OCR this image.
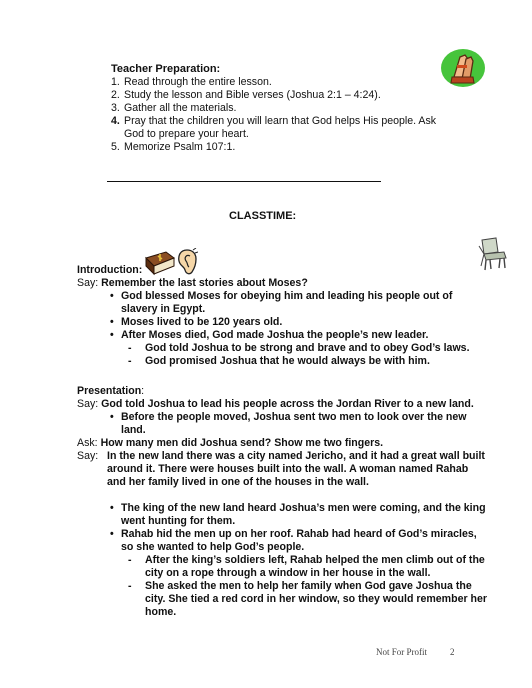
Teacher Preparation:
1. Read through the entire lesson.
2. Study the lesson and Bible verses (Joshua 2:1 – 4:24).
3. Gather all the materials.
4. Pray that the children you will learn that God helps His people. Ask God to prepare your heart.
5. Memorize Psalm 107:1.
CLASSTIME:
Introduction:
Say: Remember the last stories about Moses?
• God blessed Moses for obeying him and leading his people out of slavery in Egypt.
• Moses lived to be 120 years old.
• After Moses died, God made Joshua the people’s new leader.
- God told Joshua to be strong and brave and to obey God’s laws.
- God promised Joshua that he would always be with him.
Presentation:
Say: God told Joshua to lead his people across the Jordan River to a new land.
• Before the people moved, Joshua sent two men to look over the new land.
Ask: How many men did Joshua send? Show me two fingers.
Say: In the new land there was a city named Jericho, and it had a great wall built around it. There were houses built into the wall. A woman named Rahab and her family lived in one of the houses in the wall.
• The king of the new land heard Joshua’s men were coming, and the king went hunting for them.
• Rahab hid the men up on her roof. Rahab had heard of God’s miracles, so she wanted to help God’s people.
- After the king’s soldiers left, Rahab helped the men climb out of the city on a rope through a window in her house in the wall.
- She asked the men to help her family when God gave Joshua the city. She tied a red cord in her window, so they would remember her home.
Not For Profit	2
